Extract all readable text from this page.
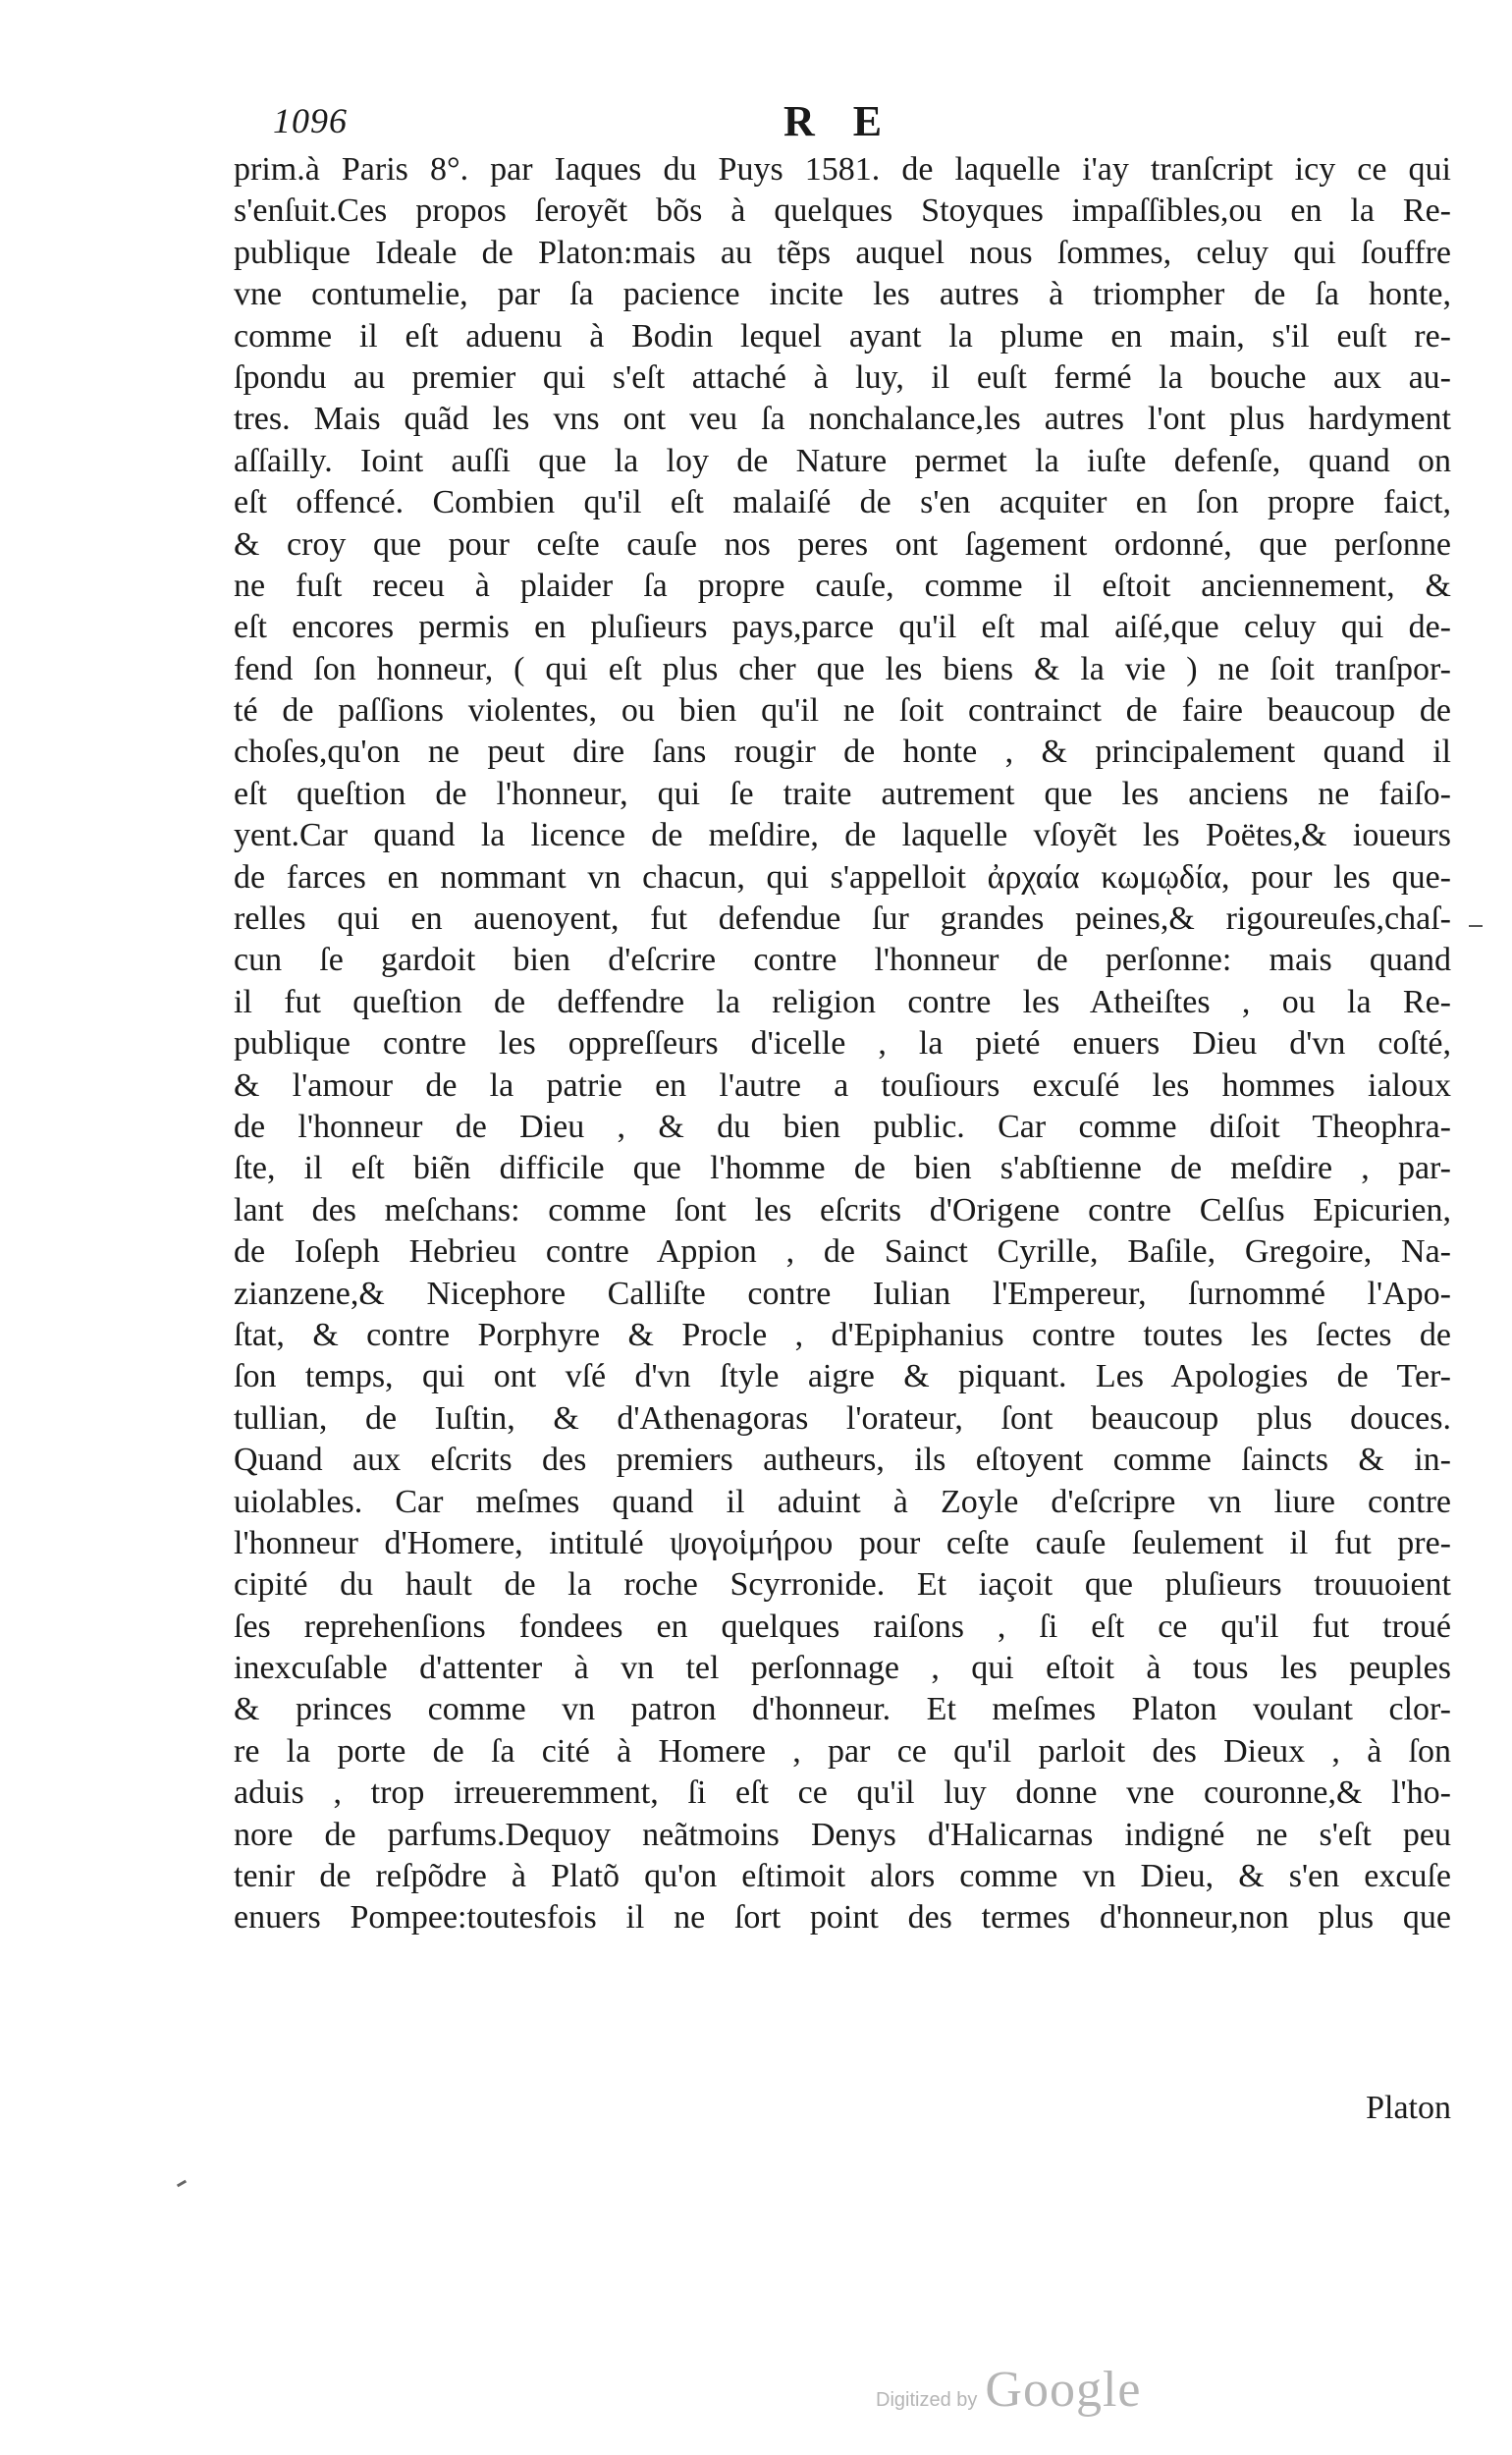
1096	R E
prim.à Paris 8°. par Iaques du Puys 1581. de laquelle i'ay tranſcript icy ce qui
s'enſuit.Ces propos ſeroyẽt bõs à quelques Stoyques impaſſibles,ou en la Re-
publique Ideale de Platon:mais au tẽps auquel nous ſommes, celuy qui ſouffre
vne contumelie, par ſa pacience incite les autres à triompher de ſa honte,
comme il eſt aduenu à Bodin lequel ayant la plume en main, s'il euſt re-
ſpondu au premier qui s'eſt attaché à luy, il euſt fermé la bouche aux au-
tres. Mais quãd les vns ont veu ſa nonchalance,les autres l'ont plus hardyment
aſſailly. Ioint auſſi que la loy de Nature permet la iuſte defenſe, quand on
eſt offencé. Combien qu'il eſt malaiſé de s'en acquiter en ſon propre faict,
& croy que pour ceſte cauſe nos peres ont ſagement ordonné, que perſonne
ne fuſt receu à plaider ſa propre cauſe, comme il eſtoit anciennement, &
eſt encores permis en pluſieurs pays,parce qu'il eſt mal aiſé,que celuy qui de-
fend ſon honneur, ( qui eſt plus cher que les biens & la vie ) ne ſoit tranſpor-
té de paſſions violentes, ou bien qu'il ne ſoit contrainct de faire beaucoup de
choſes,qu'on ne peut dire ſans rougir de honte , & principalement quand il
eſt queſtion de l'honneur, qui ſe traite autrement que les anciens ne faiſo-
yent.Car quand la licence de meſdire, de laquelle vſoyẽt les Poëtes,& ioueurs
de farces en nommant vn chacun, qui s'appelloit ἀρχαία κωμῳδία, pour les que-
relles qui en auenoyent, fut defendue ſur grandes peines,& rigoureuſes,chaſ-
cun ſe gardoit bien d'eſcrire contre l'honneur de perſonne: mais quand
il fut queſtion de deffendre la religion contre les Atheiſtes , ou la Re-
publique contre les oppreſſeurs d'icelle , la pieté enuers Dieu d'vn coſté,
& l'amour de la patrie en l'autre a touſiours excuſé les hommes ialoux
de l'honneur de Dieu , & du bien public. Car comme diſoit Theophra-
ſte, il eſt biẽn difficile que l'homme de bien s'abſtienne de meſdire , par-
lant des meſchans: comme ſont les eſcrits d'Origene contre Celſus Epicurien,
de Ioſeph Hebrieu contre Appion , de Sainct Cyrille, Baſile, Gregoire, Na-
zianzene,& Nicephore Calliſte contre Iulian l'Empereur, ſurnommé l'Apo-
ſtat, & contre Porphyre & Procle , d'Epiphanius contre toutes les ſectes de
ſon temps, qui ont vſé d'vn ſtyle aigre & piquant. Les Apologies de Ter-
tullian, de Iuſtin, & d'Athenagoras l'orateur, ſont beaucoup plus douces.
Quand aux eſcrits des premiers autheurs, ils eſtoyent comme ſaincts & in-
uiolables. Car meſmes quand il aduint à Zoyle d'eſcripre vn liure contre
l'honneur d'Homere, intitulé ψογοἱμήρου pour ceſte cauſe ſeulement il fut pre-
cipité du hault de la roche Scyrronide. Et iaçoit que pluſieurs trouuoient
ſes reprehenſions fondees en quelques raiſons , ſi eſt ce qu'il fut troué
inexcuſable d'attenter à vn tel perſonnage , qui eſtoit à tous les peuples
& princes comme vn patron d'honneur. Et meſmes Platon voulant clor-
re la porte de ſa cité à Homere , par ce qu'il parloit des Dieux , à ſon
aduis , trop irreueremment, ſi eſt ce qu'il luy donne vne couronne,& l'ho-
nore de parfums.Dequoy neãtmoins Denys d'Halicarnas indigné ne s'eſt peu
tenir de reſpõdre à Platõ qu'on eſtimoit alors comme vn Dieu, & s'en excuſe
enuers Pompee:toutesfois il ne ſort point des termes d'honneur,non plus que
Platon
Digitized by Google
